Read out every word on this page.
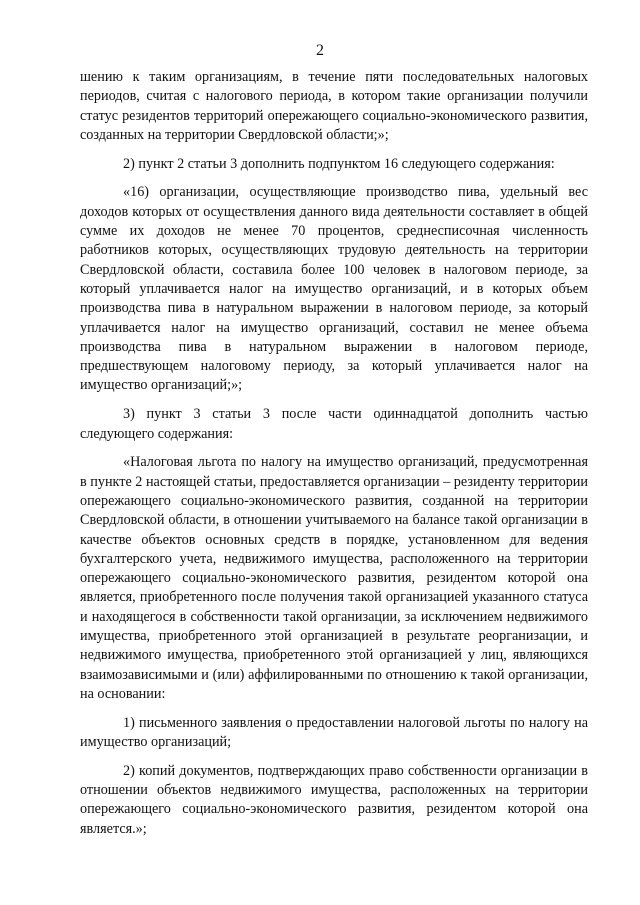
2

шению к таким организациям, в течение пяти последовательных налоговых периодов, считая с налогового периода, в котором такие организации получили статус резидентов территорий опережающего социально-экономического развития, созданных на территории Свердловской области;»;

2) пункт 2 статьи 3 дополнить подпунктом 16 следующего содержания:

«16) организации, осуществляющие производство пива, удельный вес доходов которых от осуществления данного вида деятельности составляет в общей сумме их доходов не менее 70 процентов, среднесписочная численность работников которых, осуществляющих трудовую деятельность на территории Свердловской области, составила более 100 человек в налоговом периоде, за который уплачивается налог на имущество организаций, и в которых объем производства пива в натуральном выражении в налоговом периоде, за который уплачивается налог на имущество организаций, составил не менее объема производства пива в натуральном выражении в налоговом периоде, предшествующем налоговому периоду, за который уплачивается налог на имущество организаций;»;

3) пункт 3 статьи 3 после части одиннадцатой дополнить частью следующего содержания:

«Налоговая льгота по налогу на имущество организаций, предусмотренная в пункте 2 настоящей статьи, предоставляется организации – резиденту территории опережающего социально-экономического развития, созданной на территории Свердловской области, в отношении учитываемого на балансе такой организации в качестве объектов основных средств в порядке, установленном для ведения бухгалтерского учета, недвижимого имущества, расположенного на территории опережающего социально-экономического развития, резидентом которой она является, приобретенного после получения такой организацией указанного статуса и находящегося в собственности такой организации, за исключением недвижимого имущества, приобретенного этой организацией в результате реорганизации, и недвижимого имущества, приобретенного этой организацией у лиц, являющихся взаимозависимыми и (или) аффилированными по отношению к такой организации, на основании:

1) письменного заявления о предоставлении налоговой льготы по налогу на имущество организаций;

2) копий документов, подтверждающих право собственности организации в отношении объектов недвижимого имущества, расположенных на территории опережающего социально-экономического развития, резидентом которой она является.»;
